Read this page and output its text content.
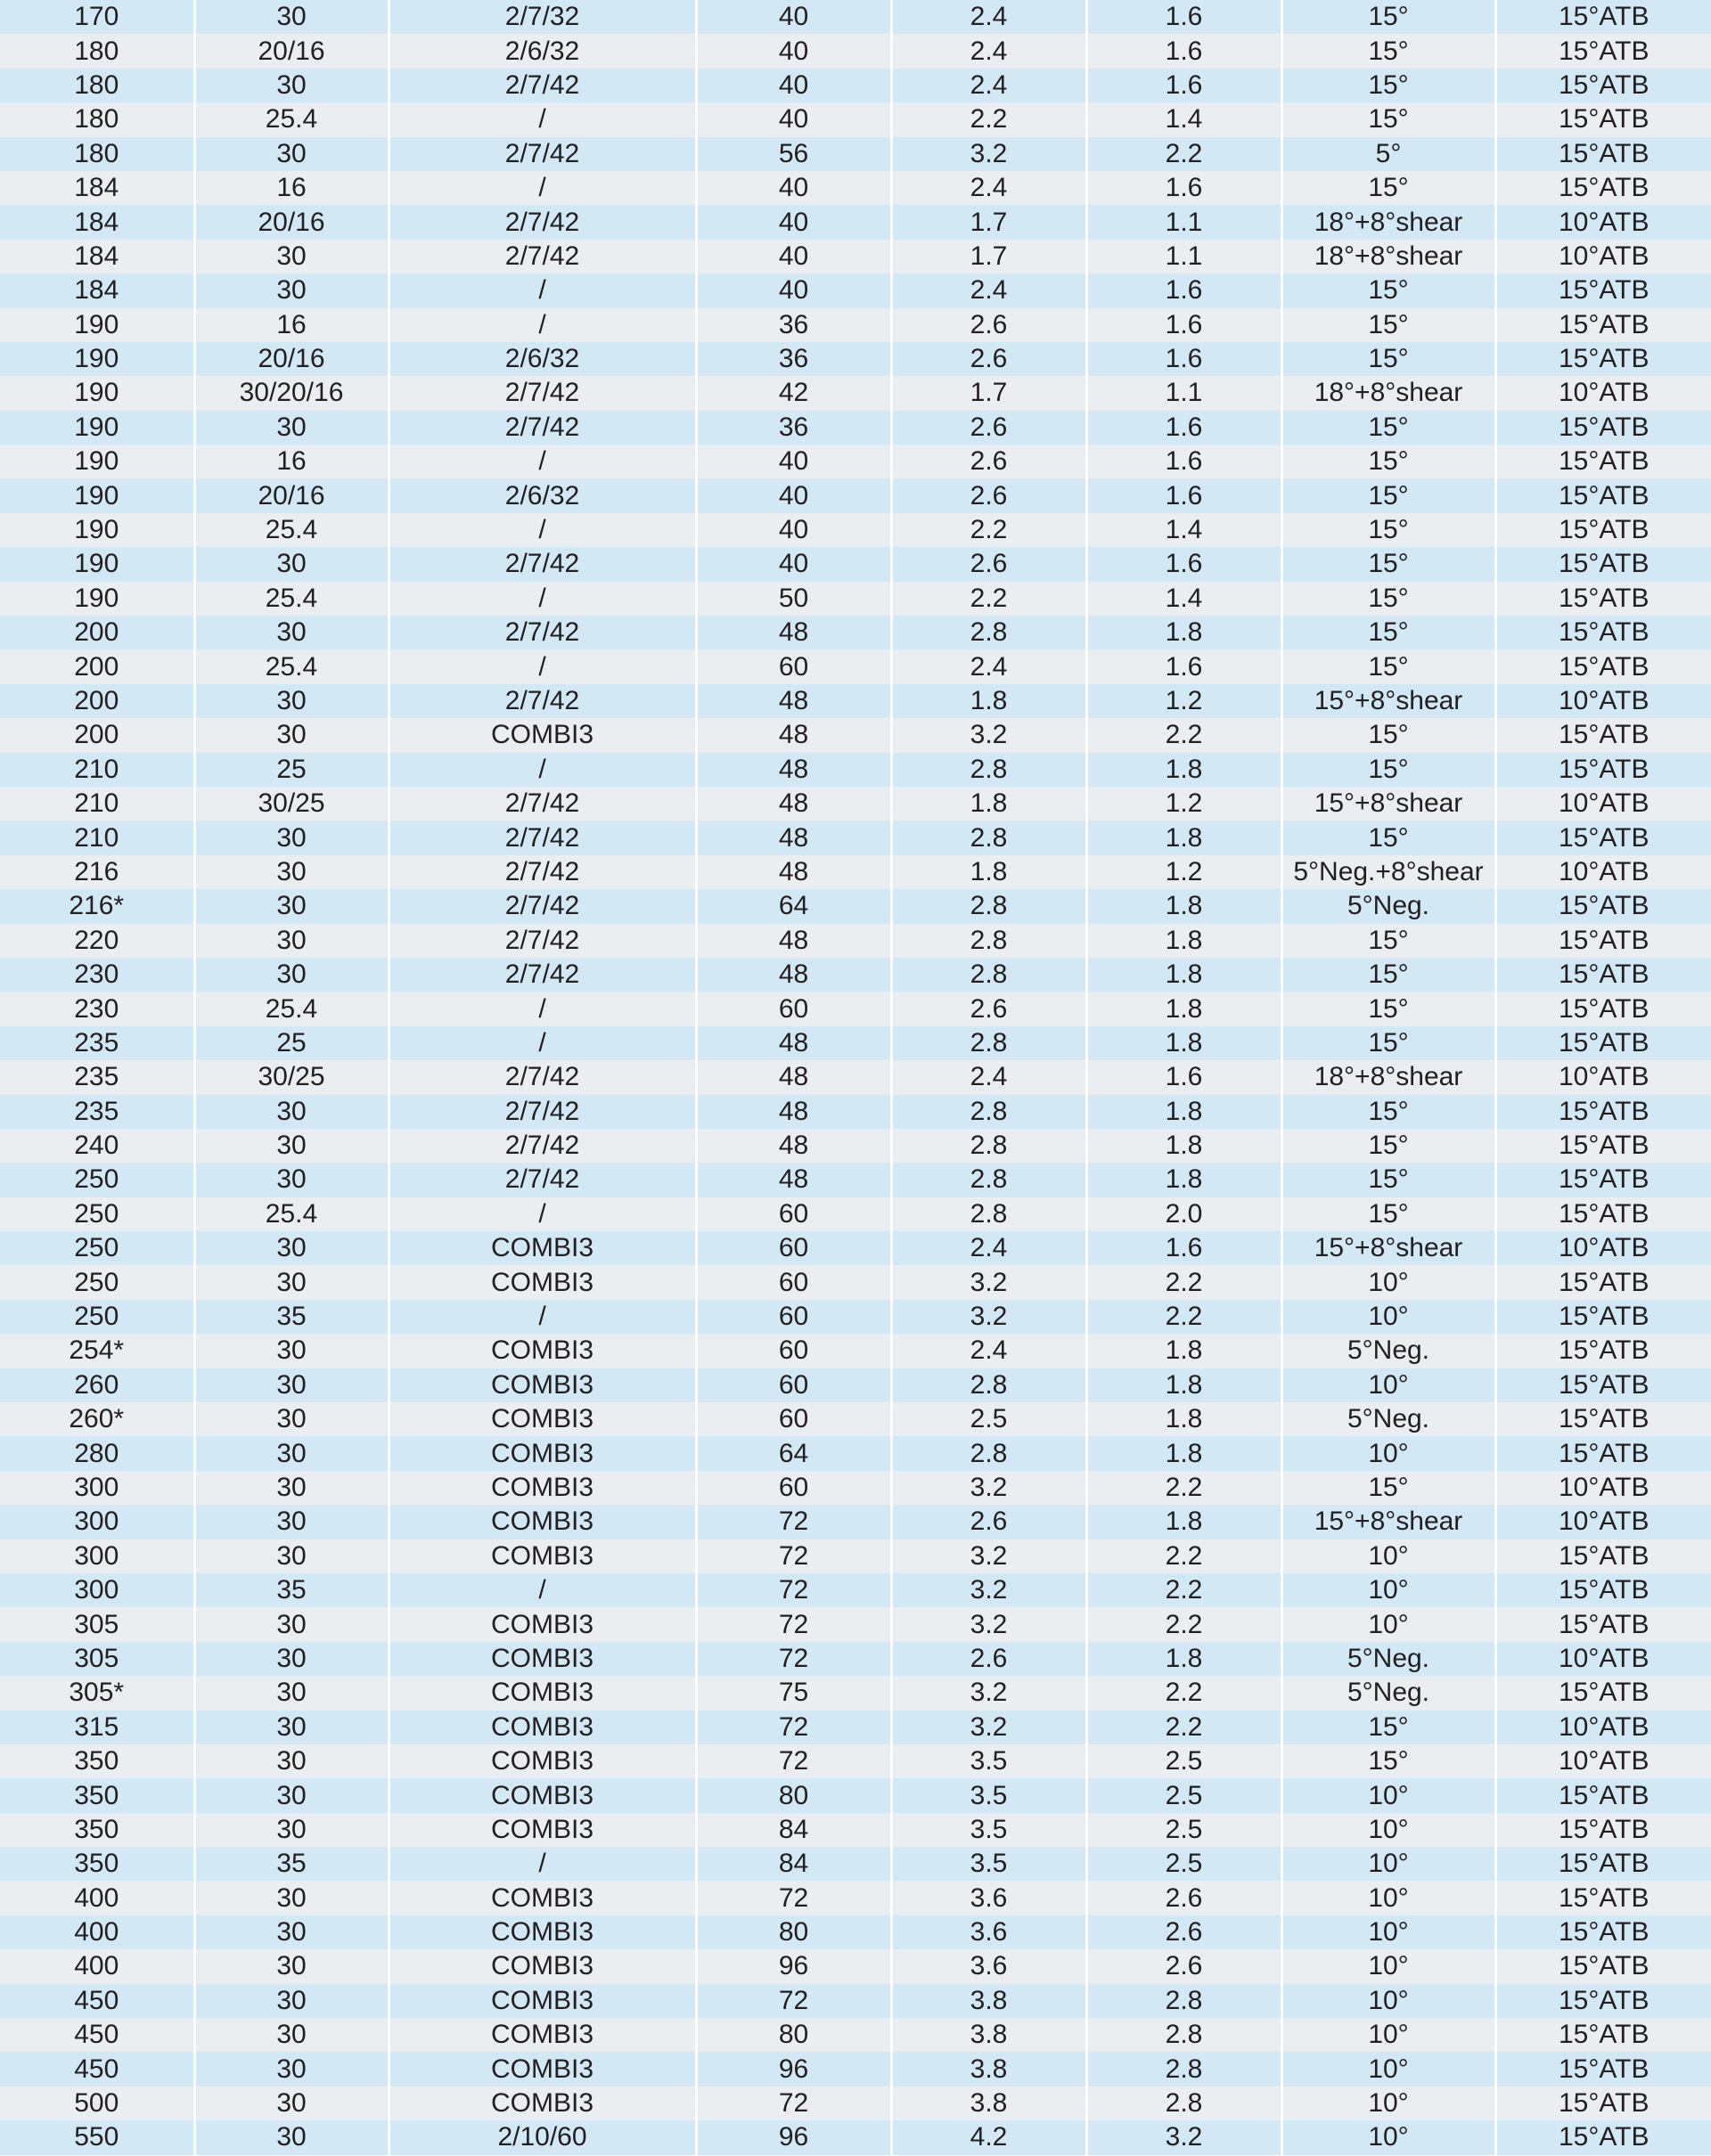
170	30	2/7/32	40	2.4	1.6	15°	15°ATB
180	20/16	2/6/32	40	2.4	1.6	15°	15°ATB
180	30	2/7/42	40	2.4	1.6	15°	15°ATB
180	25.4	/	40	2.2	1.4	15°	15°ATB
180	30	2/7/42	56	3.2	2.2	5°	15°ATB
184	16	/	40	2.4	1.6	15°	15°ATB
184	20/16	2/7/42	40	1.7	1.1	18°+8°shear	10°ATB
184	30	2/7/42	40	1.7	1.1	18°+8°shear	10°ATB
184	30	/	40	2.4	1.6	15°	15°ATB
190	16	/	36	2.6	1.6	15°	15°ATB
190	20/16	2/6/32	36	2.6	1.6	15°	15°ATB
190	30/20/16	2/7/42	42	1.7	1.1	18°+8°shear	10°ATB
190	30	2/7/42	36	2.6	1.6	15°	15°ATB
190	16	/	40	2.6	1.6	15°	15°ATB
190	20/16	2/6/32	40	2.6	1.6	15°	15°ATB
190	25.4	/	40	2.2	1.4	15°	15°ATB
190	30	2/7/42	40	2.6	1.6	15°	15°ATB
190	25.4	/	50	2.2	1.4	15°	15°ATB
200	30	2/7/42	48	2.8	1.8	15°	15°ATB
200	25.4	/	60	2.4	1.6	15°	15°ATB
200	30	2/7/42	48	1.8	1.2	15°+8°shear	10°ATB
200	30	COMBI3	48	3.2	2.2	15°	15°ATB
210	25	/	48	2.8	1.8	15°	15°ATB
210	30/25	2/7/42	48	1.8	1.2	15°+8°shear	10°ATB
210	30	2/7/42	48	2.8	1.8	15°	15°ATB
216	30	2/7/42	48	1.8	1.2	5°Neg.+8°shear	10°ATB
216*	30	2/7/42	64	2.8	1.8	5°Neg.	15°ATB
220	30	2/7/42	48	2.8	1.8	15°	15°ATB
230	30	2/7/42	48	2.8	1.8	15°	15°ATB
230	25.4	/	60	2.6	1.8	15°	15°ATB
235	25	/	48	2.8	1.8	15°	15°ATB
235	30/25	2/7/42	48	2.4	1.6	18°+8°shear	10°ATB
235	30	2/7/42	48	2.8	1.8	15°	15°ATB
240	30	2/7/42	48	2.8	1.8	15°	15°ATB
250	30	2/7/42	48	2.8	1.8	15°	15°ATB
250	25.4	/	60	2.8	2.0	15°	15°ATB
250	30	COMBI3	60	2.4	1.6	15°+8°shear	10°ATB
250	30	COMBI3	60	3.2	2.2	10°	15°ATB
250	35	/	60	3.2	2.2	10°	15°ATB
254*	30	COMBI3	60	2.4	1.8	5°Neg.	15°ATB
260	30	COMBI3	60	2.8	1.8	10°	15°ATB
260*	30	COMBI3	60	2.5	1.8	5°Neg.	15°ATB
280	30	COMBI3	64	2.8	1.8	10°	15°ATB
300	30	COMBI3	60	3.2	2.2	15°	10°ATB
300	30	COMBI3	72	2.6	1.8	15°+8°shear	10°ATB
300	30	COMBI3	72	3.2	2.2	10°	15°ATB
300	35	/	72	3.2	2.2	10°	15°ATB
305	30	COMBI3	72	3.2	2.2	10°	15°ATB
305	30	COMBI3	72	2.6	1.8	5°Neg.	10°ATB
305*	30	COMBI3	75	3.2	2.2	5°Neg.	15°ATB
315	30	COMBI3	72	3.2	2.2	15°	10°ATB
350	30	COMBI3	72	3.5	2.5	15°	10°ATB
350	30	COMBI3	80	3.5	2.5	10°	15°ATB
350	30	COMBI3	84	3.5	2.5	10°	15°ATB
350	35	/	84	3.5	2.5	10°	15°ATB
400	30	COMBI3	72	3.6	2.6	10°	15°ATB
400	30	COMBI3	80	3.6	2.6	10°	15°ATB
400	30	COMBI3	96	3.6	2.6	10°	15°ATB
450	30	COMBI3	72	3.8	2.8	10°	15°ATB
450	30	COMBI3	80	3.8	2.8	10°	15°ATB
450	30	COMBI3	96	3.8	2.8	10°	15°ATB
500	30	COMBI3	72	3.8	2.8	10°	15°ATB
550	30	2/10/60	96	4.2	3.2	10°	15°ATB
